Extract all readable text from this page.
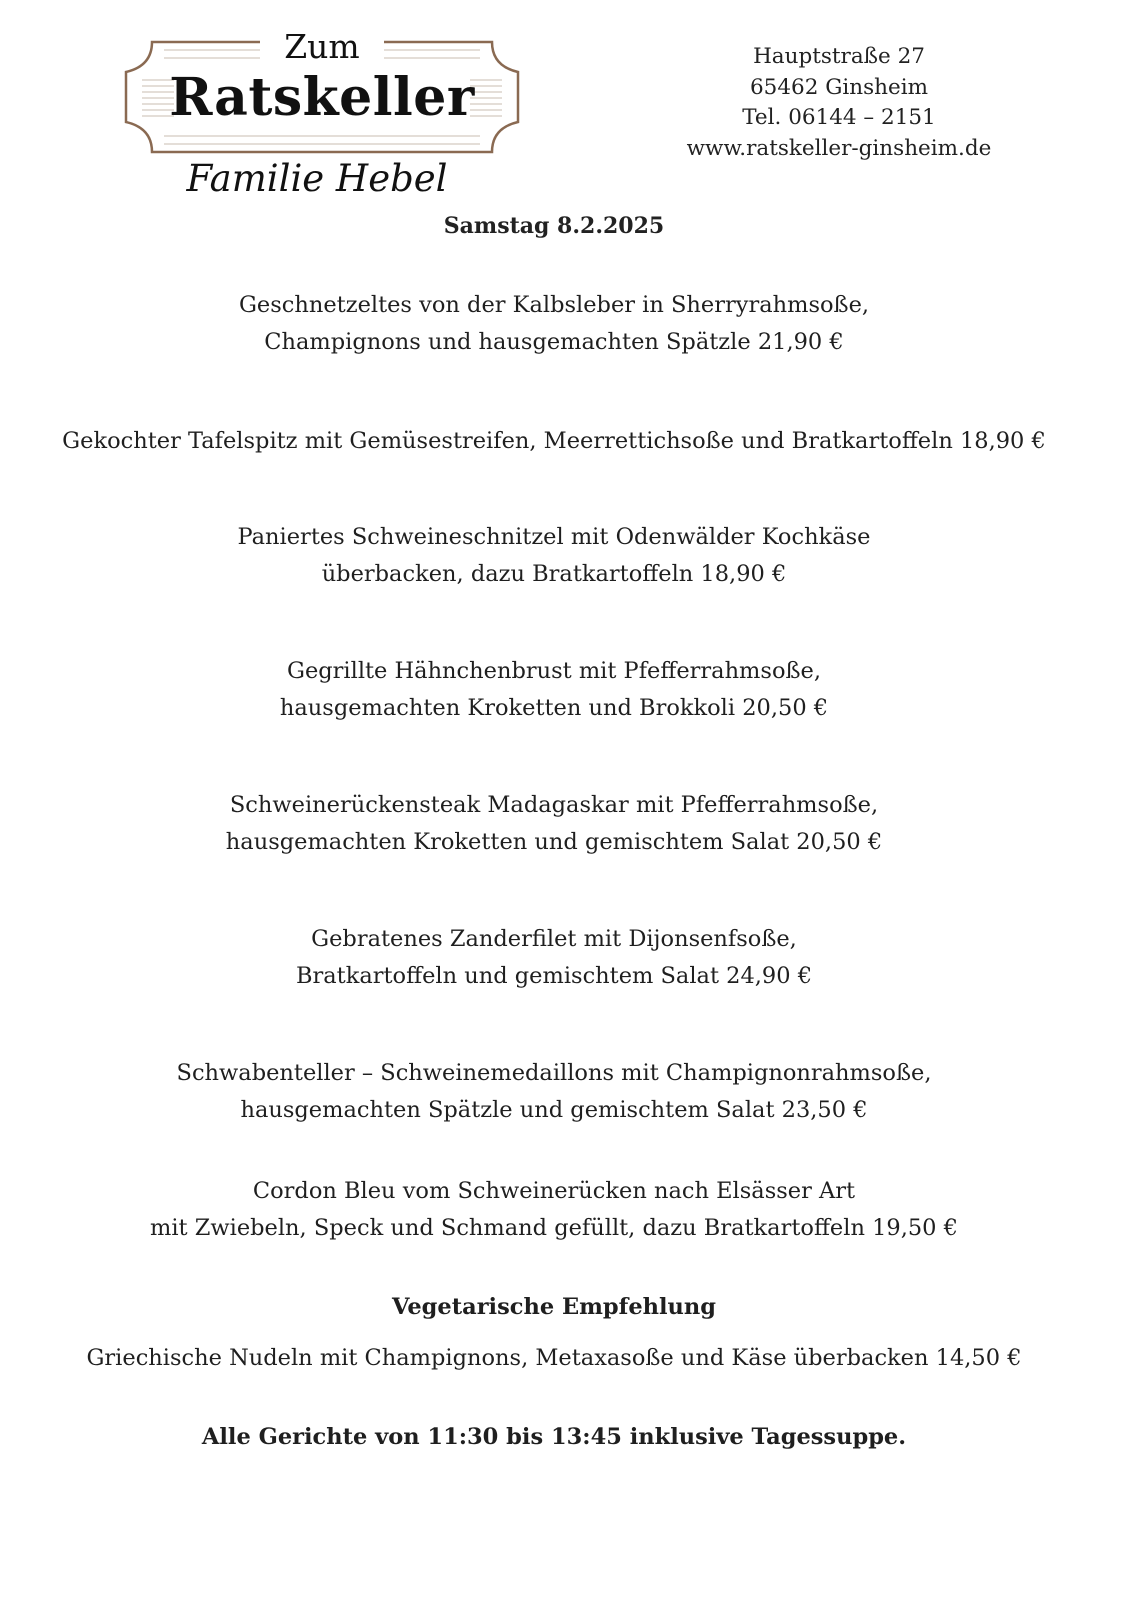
Zum
Ratskeller
Familie Hebel
Hauptstraße 27
65462 Ginsheim
Tel. 06144 – 2151
www.ratskeller-ginsheim.de
Samstag 8.2.2025
Geschnetzeltes von der Kalbsleber in Sherryrahmsoße,
Champignons und hausgemachten Spätzle 21,90 €
Gekochter Tafelspitz mit Gemüsestreifen, Meerrettichsoße und Bratkartoffeln 18,90 €
Paniertes Schweineschnitzel mit Odenwälder Kochkäse
überbacken, dazu Bratkartoffeln 18,90 €
Gegrillte Hähnchenbrust mit Pfefferrahmsoße,
hausgemachten Kroketten und Brokkoli 20,50 €
Schweinerückensteak Madagaskar mit Pfefferrahmsoße,
hausgemachten Kroketten und gemischtem Salat 20,50 €
Gebratenes Zanderfilet mit Dijonsenfsoße,
Bratkartoffeln und gemischtem Salat 24,90 €
Schwabenteller – Schweinemedaillons mit Champignonrahmsoße,
hausgemachten Spätzle und gemischtem Salat 23,50 €
Cordon Bleu vom Schweinerücken nach Elsässer Art
mit Zwiebeln, Speck und Schmand gefüllt, dazu Bratkartoffeln 19,50 €
Vegetarische Empfehlung
Griechische Nudeln mit Champignons, Metaxasoße und Käse überbacken 14,50 €
Alle Gerichte von 11:30 bis 13:45 inklusive Tagessuppe.
